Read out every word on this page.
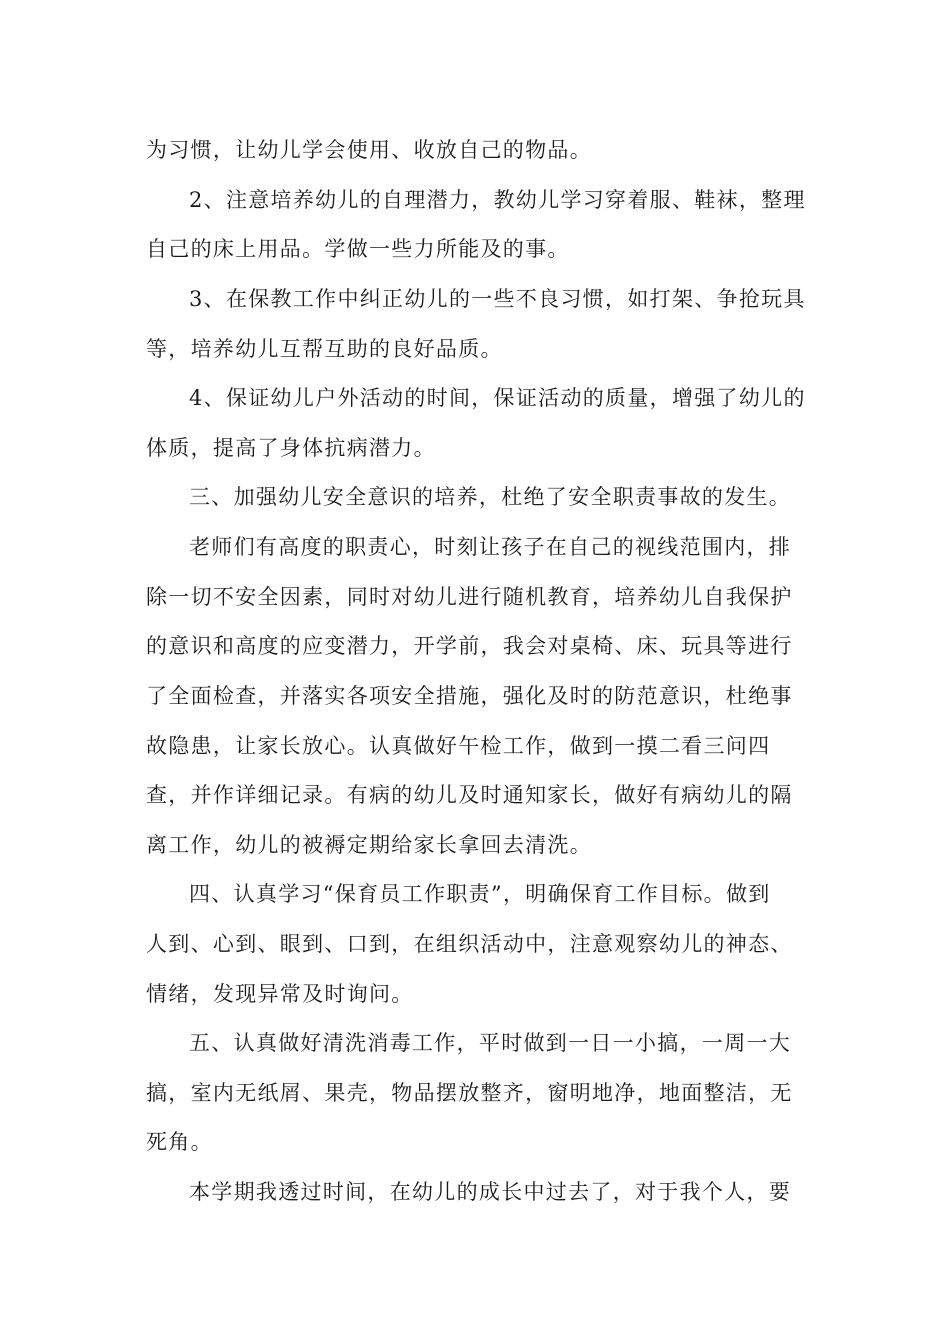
为习惯，让幼儿学会使用、收放自己的物品。
2、注意培养幼儿的自理潜力，教幼儿学习穿着服、鞋袜，整理
自己的床上用品。学做一些力所能及的事。
3、在保教工作中纠正幼儿的一些不良习惯，如打架、争抢玩具
等，培养幼儿互帮互助的良好品质。
4、保证幼儿户外活动的时间，保证活动的质量，增强了幼儿的
体质，提高了身体抗病潜力。
三、加强幼儿安全意识的培养，杜绝了安全职责事故的发生。
老师们有高度的职责心，时刻让孩子在自己的视线范围内，排
除一切不安全因素，同时对幼儿进行随机教育，培养幼儿自我保护
的意识和高度的应变潜力，开学前，我会对桌椅、床、玩具等进行
了全面检查，并落实各项安全措施，强化及时的防范意识，杜绝事
故隐患，让家长放心。认真做好午检工作，做到一摸二看三问四
查，并作详细记录。有病的幼儿及时通知家长，做好有病幼儿的隔
离工作，幼儿的被褥定期给家长拿回去清洗。
四、认真学习“保育员工作职责”，明确保育工作目标。做到
人到、心到、眼到、口到，在组织活动中，注意观察幼儿的神态、
情绪，发现异常及时询问。
五、认真做好清洗消毒工作，平时做到一日一小搞，一周一大
搞，室内无纸屑、果壳，物品摆放整齐，窗明地净，地面整洁，无
死角。
本学期我透过时间，在幼儿的成长中过去了，对于我个人，要
